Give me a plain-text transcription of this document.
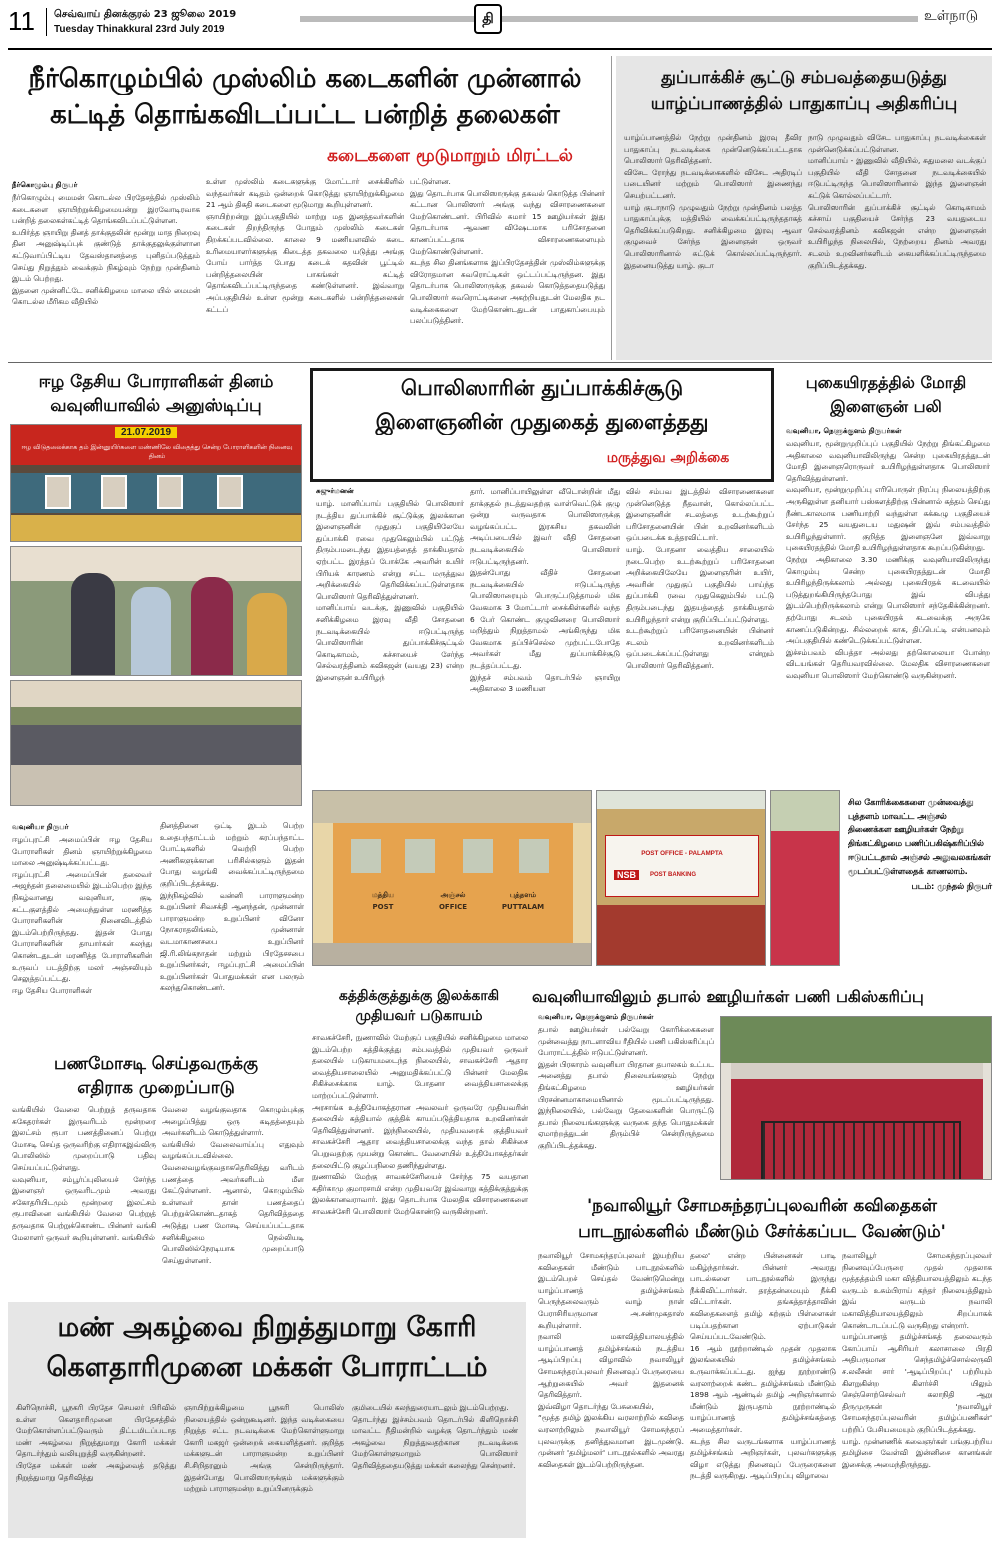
11 செவ்வாய் தினக்குரல் 23 ஜூலை 2019
Tuesday Thinakkural 23rd July 2019
தி	உள்நாடு
நீர்கொழும்பில் முஸ்லிம் கடைகளின் முன்னால்
கட்டித் தொங்கவிடப்பட்ட பன்றித் தலைகள்
கடைகளை மூடுமாறும் மிரட்டல்
நீர்கொழும்பு நிருபர்
நீர்கொழும்பு மைமன் கொடல்ல பிரதேசத்தில் முஸ்லிம் கடைகளை ஞாயிற்றுக்கிழமையன்று இரவோடிரவாக பன்றித் தலைகள்கட்டித் தொங்கவிடப்பட்டுள்ளன.
உயிர்த்த ஞாயிறு தினத் தாக்குதலின் மூன்று மாத நிறைவு தின அனுஷ்டிப்புக் குண்டுத் தாக்குதலுக்குள்ளான கட்டுவாப்பிட்டிய தேவஸ்தானத்தை புனிதப்படுத்தும் செய்து நிறுத்தும் வைக்கும் நிகழ்வும் நேற்று முன்தினம் இடம் பெற்றது.
இதனை முன்னிட்டே சனிக்கிழமை மாலை யில் மைமன் கொடல்ல மீரிகம வீதியில்
உள்ள முஸ்லிம் கடைகளுக்கு மோட்டார் சைக்கிளில் வந்தவர்கள் கடிதம் ஒன்றைக் கொடுத்து ஞாயிற்றுக்கிழமை 21 ஆம் திகதி கடைகளை மூடுமாறு கூறியுள்ளனர்.
ஞாயிற்றன்று இப்பகுதியில் மாற்று மத இனத்தவர்களின் கடைகள் திறந்திருந்த போதும் முஸ்லிம் கடைகள் திறக்கப்படவில்லை. காலை 9 மணியளவில் கடை உரிமையாளர்களுக்கு கிடைத்த தகவலை யடுத்து அங்கு போய் பார்த்த போது கடைக் கதவின் பூட்டில் பன்றித்தலையின் பாகங்கள் கட்டித் தொங்கவிடப்பட்டிருந்ததை கண்டுள்ளனர். இவ்வாறு அப்பகுதியில் உள்ள மூன்று கடைகளில் பன்றித்தலைகள் கட்டப்
பட்டுள்ளன.
இது தொடர்பாக பொலிஸாருக்கு தகவல் கொடுத்த பின்னர் கட்டான பொலிஸார் அங்கு வந்து விசாரணைகளை மேற்கொண்டனர். பிரிவில் சுமார் 15 ஊழியர்கள் இது தொடர்பாக ஆவண விஷேடமாக பரிசோதனை காணப்பட்டதாக விசாரணைகளையும் மேற்கொண்டுள்ளனர்.
கடந்த சில தினங்களாக இப்பிரதேசத்தின் முஸ்லிம்களுக்கு விரோதமான சுவரொட்டிகள் ஒட்டப்பட்டிருந்தன. இது தொடர்பாக பொலிஸாருக்கு தகவல் கொடுத்ததையடுத்து பொலிஸார் சுவரொட்டிகளை அகற்றியதுடன் மேலதிக நட வடிக்கைகளை மேற்கொண்டதுடன் பாதுகாப்பையும் பலப்படுத்தினர்.
துப்பாக்கிச் சூட்டு சம்பவத்தையடுத்து
யாழ்ப்பாணத்தில் பாதுகாப்பு அதிகரிப்பு
யாழ்ப்பாணத்தில் நேற்று முன்தினம் இரவு தீவிர பாதுகாப்பு நடவடிக்கை முன்னெடுக்கப்பட்டதாக பொலிஸார் தெரிவித்தனர்.
விசேட ரோந்து நடவடிக்கைகளில் விசேட அதிரடிப் படையினர் மற்றும் பொலிஸார் இணைந்து செயற்பட்டனர்.
யாழ் குடாநாடு முழுவதும் நேற்று முன்தினம் பலத்த பாதுகாப்புக்கு மத்தியில் வைக்கப்பட்டிருந்ததாகத் தெரிவிக்கப்படுகிறது. சனிக்கிழமை இரவு ஆவா குழுவைச் சேர்ந்த இளைஞன் ஒருவர் பொலிஸாரினால் சுட்டுக் கொல்லப்பட்டிருந்தார். இதனையடுத்து யாழ். குடா
நாடு முழுவதும் விசேட பாதுகாப்பு நடவடிக்கைகள் முன்னெடுக்கப்பட்டுள்ளன.
மானிப்பாய் - இணுவில் வீதியில், சுதுமலை வடக்குப் பகுதியில் வீதி சோதனை நடவடிக்கையில் ஈடுபட்டிருந்த பொலிஸாரினால் இந்த இளைஞன் சுட்டுக் கொல்லப்பட்டார்.
பொலிஸாரின் துப்பாக்கிச் சூட்டில் கொடிகாமம் கச்சாய் பகுதியைச் சேர்ந்த 23 வயதுடைய செல்வரத்தினம் கவிகஜன் என்ற இளைஞன் உயிரிழந்த நிலையில், நேற்றைய தினம் அவரது சடலம் உறவினர்களிடம் கையளிக்கப்பட்டிருந்தமை குறிப்பிடத்தக்கது.
ஈழ தேசிய போராளிகள் தினம்
வவுனியாவில் அனுஸ்டிப்பு
21.07.2019
ஈழ விடுதலைக்காக தம் இன்னுயிர்களை மண்ணிலே விதைத்து சென்ற போராளிகளின் நினைவு தினம்
வவுனியா நிருபர்
ஈழப்புரட்சி அமைப்பின் ஈழ தேசிய போராளிகள் தினம் ஞாயிற்றுக்கிழமை மாலை அனுஷ்டிக்கப்பட்டது.
ஈழப்புரட்சி அமைப்பின் தலைவர் அஜந்தன் தலைமையில் இடம்பெற்ற இந்த நிகழ்வானது வவுனியா, குடி சுட்டகுளத்தில் அமைந்துள்ள மரணித்த போராளிகளின் நினைவிடத்தில் இடம்பெற்றிருந்தது. இதன் போது போராளிகளின் தாயார்கள் கலந்து கொண்டதுடன் மரணித்த போராளிகளின் உருவப் படத்திற்கு மலர் அஞ்சலியும் செலுத்தப்பட்டது.
ஈழ தேசிய போராளிகள்
தினத்தினை ஒட்டி இடம் பெற்ற உதைபந்தாட்டம் மற்றும் கரப்பந்தாட்ட போட்டிகளில் வெற்றி பெற்ற அணிகளுக்கான பரிசில்களும் இதன் போது வழங்கி வைக்கப்பட்டிருந்தமை குறிப்பிடத்தக்கது.
இந்நிகழ்வில் வன்னி பாராளுமன்ற உறுப்பினர் சிவசக்தி ஆனந்தன், முன்னாள் பாராளுமன்ற உறுப்பினர் வினோ நோகராதலிங்கம், முன்னாள் வடமாகாணசபை உறுப்பினர் ஜி.ரி.லிங்கநாதன் மற்றும் பிரதேசசபை உறுப்பினர்கள், ஈழப்புரட்சி அமைப்பின் உறுப்பினர்கள் பொதுமக்கள் என பலரும் கலந்துகொண்டனர்.
பொலிஸாரின் துப்பாக்கிச்சூடு
இளைஞனின் முதுகைத் துளைத்தது
மருத்துவ அறிக்கை
சுஜுர்மனன்
யாழ். மானிப்பாய் பகுதியில் பொலிஸார் நடத்திய துப்பாக்கிச் சூட்டுக்கு இலக்கான இளைஞனின் முதுகுப் பகுதியிலேயே துப்பாக்கி ரவை முதுகெலும்பில் பட்டுத் திரும்பமடைந்து இதயத்தைத் தாக்கியதால் ஏற்பட்ட இரத்தப் போக்கே அவரின் உயிர் பிரியக் காரணம் என்று சட்ட மருத்துவ அறிக்கையில் தெரிவிக்கப்பட்டுள்ளதாக பொலிஸார் தெரிவித்துள்ளனர்.
மானிப்பாய் வடக்கு, இணுவில் பகுதியில் சனிக்கிழமை இரவு வீதி சோதனை நடவடிக்கையில் ஈடுபட்டிருந்த பொலிஸாரின் துப்பாக்கிச்சூட்டில் கொடிகாமம், கச்சாயைச் சேர்ந்த செல்வரத்தினம் கவிகஜன் (வயது 23) என்ற இளைஞன் உயிரிழந்
தார். மானிப்பாயிலுள்ள வீடொன்றின் மீது தாக்குதல் நடத்துவதற்கு வாள்வெட்டுக் குழு ஒன்று வருவதாக பொலிஸாருக்கு வழங்கப்பட்ட இரகசிய தகவலின் அடிப்படையில் இவர் வீதி சோதனை நடவடிக்கையில் பொலிஸார் ஈடுபட்டிருந்தனர்.
இதன்போது வீதிச் சோதனை நடவடிக்கையில் ஈடுபட்டிருந்த பொலிஸாரையும் பொருட்படுத்தாமல் மிக வேகமாக 3 மோட்டார் சைக்கிள்களில் வந்த 6 பேர் கொண்ட குழுவினரை பொலிஸார் மறித்தும் நிறுத்தாமல் அங்கிருந்து மிக வேகமாக தப்பிச்செல்ல முற்பட்டபோதே அவர்கள் மீது துப்பாக்கிச்சூடு நடத்தப்பட்டது.
இந்தச் சம்பவம் தொடர்பில் ஞாயிறு அதிகாலை 3 மணியள
வில் சம்பவ இடத்தில் விசாரணைகளை முன்னெடுத்த நீதவான், கொல்லப்பட்ட இளைஞனின் சடலத்தை உடற்கூற்றுப் பரிசோதனையின் பின் உறவினர்களிடம் ஒப்படைக்க உத்தரவிட்டார்.
யாழ். போதனா வைத்திய சாலையில் நடைபெற்ற உடற்கூற்றுப் பரிசோதனை அறிக்கையிலேயே இளைஞரின் உயிர், அவரின் முதுகுப் பகுதியில் பாய்ந்த துப்பாக்கி ரவை முதுகெலும்பில் பட்டு திரும்படைந்து இதயத்தைத் தாக்கியதால் உயிரிழந்தார் என்று குறிப்பிடப்பட்டுள்ளது.
உடற்கூற்றுப் பரிசோதனையின் பின்னர் சடலம் உறவினர்களிடம் ஒப்படைக்கப்பட்டுள்ளது என்றும் பொலிஸார் தெரிவித்தனர்.
புகையிரதத்தில் மோதி
இளைஞன் பலி
வவுனியா, நெளுக்குளம் நிருபர்கள்
வவுனியா, மூன்றுமுறிப்புப் பகுதியில் நேற்று திங்கட்கிழமை அதிகாலை வவுனியாவிலிருந்து சென்ற புகையிரதத்துடன் மோதி இளைஞரொருவர் உயிரிழந்துள்ளதாக பொலிஸார் தெரிவித்துள்ளனர்.
வவுனியா, மூன்றுமுறிப்பு எரிபொருள் நிரப்பு நிலையத்திற்கு அருகிலுள்ள தனியார் பஸ்களத்திற்கு பின்னால் கத்தம் செய்து நீண்டகாலமாக பணியாற்றி வந்துள்ள சுக்கூழு பகுதியைச் சேர்ந்த 25 வயதுடைய மதுஷன் இவ் சம்பவத்தில் உயிரிழந்துள்ளார். குறித்த இளைஞனே இவ்வாறு புகையிரதத்தில் மோதி உயிரிழந்துள்ளதாக கூறப்படுகின்றது.
நேற்று அதிகாலை 3.30 மணிக்கு வவுனியாவிலிருந்து கொழும்பு சென்ற புகையிரதத்துடன் மோதி உயிரிழந்திருக்கலாம் அல்லது புகையிரதக் கடவையில் படுத்துறங்கியிருந்தபோது இவ் விபத்து இடம்பெற்றிருக்கலாம் என்று பொலிஸார் சந்தேகிக்கின்றனர். தற்போது சடலம் புகையிரதக் கடவைக்கு அருகே காணப்படுகின்றது. சில்லறைக் காசு, திப்பெட்டி என்பனவும் அப்பகுதியில் கண்டெடுக்கப்பட்டுள்ளன.
இச்சம்பவம் விபத்தா அல்லது தற்கொலையா போன்ற விடயங்கள் தெரியவரவில்லை. மேலதிக விசாரணைகளை வவுனியா பொலிஸார் மேற்கொண்டு வருகின்றனர்.
மத்திய
POST
அஞ்சல்
OFFICE
புத்தளம்
PUTTALAM
POST OFFICE - PALAMPTA
NSB	POST BANKING
சில கோரிக்கைகளை முன்வைத்து புத்தளம் மாவட்ட அஞ்சல் திணைக்கள ஊழியர்கள் நேற்று திங்கட்கிழமை பணிப்பகிஷ்கரிப்பில் ஈடுபட்டதால் அஞ்சல் அலுவலகங்கள் மூடப்பட்டுள்ளதைக் காணலாம்.
படம்: முந்தல் நிருபர்
கத்திக்குத்துக்கு இலக்காகி
முதியவர் படுகாயம்
சாவகச்சேரி, நுணாவில் மேற்குப் பகுதியில் சனிக்கிழமை மாலை இடம்பெற்ற கத்திக்குத்து சம்பவத்தில் முதியவர் ஒருவர் தலையில் படுகாயமடைந்த நிலையில், சாவகச்சேரி ஆதார வைத்தியசாலையில் அனுமதிக்கப்பட்டு பின்னர் மேலதிக சிகிச்சைக்காக யாழ். போதனா வைத்தியசாலைக்கு மாற்றப்பட்டுள்ளார்.
அரசாங்க உத்தியோகத்தரான அவலவர் ஒருவரே முதியவரின் தலையில் கத்தியால் குத்திக் காயப்படுத்தியதாக உறவினர்கள் தெரிவித்துள்ளனர். இந்நிலையில், முதியவரைக் குத்தியவர் சாவகச்சேரி ஆதார வைத்தியசாலைக்கு வந்த தால் சிகிச்சை பெறுவதற்கு முயன்று கொண்ட வேளையில் உத்தியோகத்தர்கள் தலையிட்டு குழப்பநிலை தணிந்துள்ளது.
நுணாவில் மேற்கு சாவகச்சேரியைச் சேர்ந்த 75 வயதான கதிர்காமு குமாரசாமி என்ற முதியவரே இவ்வாறு கத்திக்குத்துக்கு இலக்கானவராவார். இது தொடர்பாக மேலதிக விசாரணைகளை சாவகச்சேரி பொலிஸார் மேற்கொண்டு வருகின்றனர்.
வவுனியாவிலும் தபால் ஊழியர்கள் பணி பகிஸ்கரிப்பு
வவுனியா, நெளுக்குளம் நிருபர்கள்
தபால் ஊழியர்கள் பல்வேறு கோரிக்கைகளை முன்வைத்து நாடளாவிய ரீதியில் பணி பகிஸ்கரிப்புப் போராட்டத்தில் ஈடுபட்டுள்ளனர்.
இதன் பிரகாரம் வவுனியா பிரதான தபாலகம் உட்பட அனைத்து தபால் நிலையங்களும் நேற்று திங்கட்கிழமை ஊழியர்கள் பிரசன்னமாகாமையினால் மூடப்பட்டிருந்தது. இந்நிலையில், பல்வேறு தேவைகளின் பொருட்டு தபால் நிலையங்களுக்கு வருகை தந்த பொதுமக்கள் ஏமாற்றத்துடன் திரும்பிச் சென்றிருந்தமை குறிப்பிடத்தக்கது.
'நவாலியூர் சோமசுந்தரப்புலவரின் கவிதைகள்
பாடநூல்களில் மீண்டும் சேர்க்கப்பட வேண்டும்'
நவாலியூர் சோமசுந்தரப்புலவர் இயற்றிய கவிதைகள் மீண்டும் பாடநூல்களில் இடம்பெறச் செய்தல் வேண்டுமென்று யாழ்ப்பாணத் தமிழ்ச்சங்கம் பெருந்தலைவரும் வாழ் நாள் பேராசிரியருமான அ.சண்முகதாஸ் கூறியுள்ளார்.
நவாலி மகாவித்தியாலயத்தில் யாழ்ப்பாணத் தமிழ்ச்சங்கம் நடத்திய ஆடிப்பிறப்பு விழாவில் நவாலியூர் சோமசுந்தரப்புலவர் நினைவுப் பேருரையை ஆற்றுகையில் அவர் இதனைக் தெரிவித்தார்.
இவ்விழா தொடர்ந்து பேசுகையில்,
“மூத்த தமிழ் இலக்கிய வரலாற்றில் கவிதை வரலாற்றிலும் நவாலியூர் சோமசுந்தரப் புலவருக்கு தனித்துவமான இடமுண்டு. முன்னர் 'தமிழ்மலர்' பாடநூல்களில் அவரது கவிதைகள் இடம்பெற்றிருந்தன.
தலை' என்ற பின்னைகள் பாடி மகிழ்ந்தார்கள். பின்னர் அவரது பாடல்களை பாடநூல்களில் இருந்து நீக்கிவிட்டார்கள். தரத்தன்மையும் நீக்கி விட்டார்கள். தங்கத்தாத்தாவின் கவிதைகளைத் தமிழ் கற்கும் பிள்ளைகள் படிப்பதற்கான ஏற்பாடுகள் செய்யப்படவேண்டும்.
16 ஆம் நூற்றாண்டில் முதன் முதலாக இலங்கையில் தமிழ்ச்சங்கம் உருவாக்கப்பட்டது. ஐந்து நூற்றாண்டு வரலாற்றைக் கண்ட தமிழ்ச்சங்கம் மீண்டும் 1898 ஆம் ஆண்டில் தமிழ் அறிஞர்களால் மீண்டும் இருபதாம் நூற்றாண்டில் யாழ்ப்பாணத் தமிழ்ச்சங்கத்தை அமைத்தார்கள்.
கடந்த சில வருடங்களாக யாழ்ப்பாணத் தமிழ்ச்சங்கம் அறிஞர்கள், புலவர்களுக்கு விழா எடுத்து நினைவுப் பேருரைகளை நடத்தி வருகிறது. ஆடிப்பிறப்பு விழாவை
நவாலியூர் சோமசுந்தரப்புலவர் நினைவுப்பேருரை முதல் முதலாக மூத்தத்தம்பி மகா வித்தியாலயத்திலும் கடந்த வருடம் உசும்பிராய் கந்தர் நிலையத்திலும் இவ் வருடம் நவாலி மகாவித்தியாலயத்திலும் சிறப்பாகக் கொண்டாடப்பட்டு வருகிறது என்றார்.
யாழ்ப்பாணத் தமிழ்ச்சங்கத் தலைவரும் கோப்பாய் ஆசிரியர் கலாசாலை பிரதி அதிபருமான செந்தமிழ்ச்சொல்லருவி ச.லலீசன் சார் 'ஆடிப்பிறப்பு' பற்றியும் கிளறுகின்ற கிளர்ச்சி யிலும் செஞ்சொற்செல்வர் கலாநிதி ஆறு திருமுருகன் 'நவாலியூர் சோமசுந்தரப்புலவரின் தமிழ்ப்பணிகள்' பற்றிப் பேசியமையும் குறிப்பிடத்தக்கது.
யாழ். முன்னணிக் கவைஞர்கள் பங்குபற்றிய தமிழிசை வேள்வி இன்னிசை கானங்கள் இசைக்கு அமைந்திருந்தது.
பணமோசடி செய்தவருக்கு
எதிராக முறைப்பாடு
வங்கியில் வேலை பெற்றுத் தருவதாக சுகேதரர்கள் இருவரிடம் மூன்றரை இலட்சம் ரூபா பணத்தினைப் பெற்று மோசடி செய்த ஒருவரிற்கு எதிராகஇவ்விரு பொலிஸில் முறைப்பாடு பதிவு செய்யப்பட்டுள்ளது.
வவுனியா, சம்பூர்ப்புலியைச் சேர்ந்த இளைஞர் ஒருவரிடமும் அவரது சகோதரியிடமும் மூன்றரை இலட்சம் ரூபாவினை வங்கியில் வேலை பெற்றுத் தருவதாக பெற்றுக்கொண்ட பின்னர் வங்கி மேலாளர் ஒருவர் கூறியுள்ளனர். வங்கியில்
வேலை வழங்குவதாக கொழும்புக்கு அழைப்பித்து ஒரு கடிதத்தையும் அவர்களிடம் கொடுத்துள்ளார்.
வங்கியில் வேலைவாய்ப்பு எதுவும் வழங்கப்படவில்லை. வேலைவழங்குவதாகதெரிவித்து வரிடம் பணத்தை அவர்களிடம் மீள கேட்டுள்ளனர். ஆனால், கொழும்பில் உள்ளவர் தான் பணத்தைப் பெற்றுக்கொண்டதாகத் தெரிவித்ததை அடுத்து பண மோசடி செய்யப்பட்டதாக சனிக்கிழமை நெல்லியடி பொலிஸில்நேரடியாக முறைப்பாடு செய்துள்ளனர்.
மண் அகழ்வை நிறுத்துமாறு கோரி
கௌதாரிமுனை மக்கள் போராட்டம்
கிளிநொச்சி, பூநகரி பிரதேச செயலர் பிரிவில் உள்ள கௌதாரிமுனை பிரதேசத்தில் மேற்கொள்ளப்பட்டுவரும் திட்டமிடப்படாத மண் அகழ்வை நிறுத்துமாறு கோரி மக்கள் தொடர்ந்தும் வலியுறுத்தி வருகின்றனர்.
பிரதேச மக்கள் மண் அகழ்வைத் தடுத்து நிறுத்துமாறு தெரிவித்து
ஞாயிற்றுக்கிழமை பூநகரி பொலிஸ் நிலையத்தில் ஒன்றுகூடினர். இந்த வடிக்கையை நிறுத்த சட்ட நடவடிக்கை மேற்கொள்ளுமாறு கோரி மகஜர் ஒன்றைக் கையளித்தனர். குறித்த மக்களுடன் பாராளுமன்ற உறுப்பினர் சி.சிறிதரனும் அங்கு சென்றிருந்தார். இதன்போது பொலிஸாருக்கும் மக்களுக்கும் மற்றும் பாராளுமன்ற உறுப்பினருக்கும்
குமிடையில் கலந்துரையாடலும் இடம்பெற்றது.
தொடர்ந்து இச்சம்பவம் தொடர்பில் கிளிநொச்சி மாவட்ட நீதிமன்றில் வழக்கு தொடர்ந்தும் மண் அகழ்வை நிறுத்துவதற்கான நடவடிக்கை மேற்கொள்ளுமாறும் பொலிஸார் தெரிவித்ததையடுத்து மக்கள் கலைந்து சென்றனர்.
